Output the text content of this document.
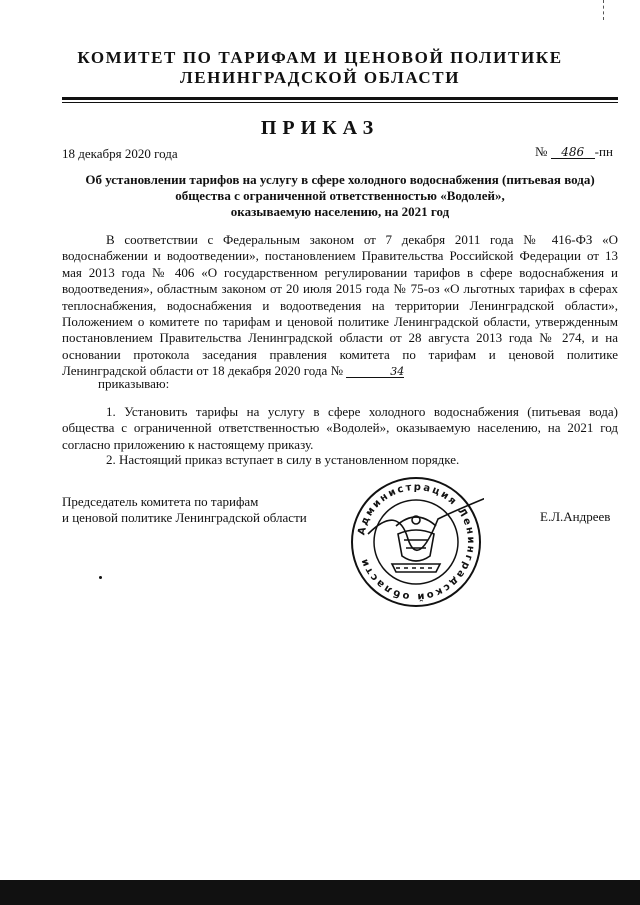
КОМИТЕТ ПО ТАРИФАМ И ЦЕНОВОЙ ПОЛИТИКЕ
ЛЕНИНГРАДСКОЙ ОБЛАСТИ
ПРИКАЗ
18 декабря 2020 года	№ 486 -пн
Об установлении тарифов на услугу в сфере холодного водоснабжения (питьевая вода)
общества с ограниченной ответственностью «Водолей»,
оказываемую населению, на 2021 год
В соответствии с Федеральным законом от 7 декабря 2011 года № 416-ФЗ «О водоснабжении и водоотведении», постановлением Правительства Российской Федерации от 13 мая 2013 года № 406 «О государственном регулировании тарифов в сфере водоснабжения и водоотведения», областным законом от 20 июля 2015 года № 75-оз «О льготных тарифах в сферах теплоснабжения, водоснабжения и водоотведения на территории Ленинградской области», Положением о комитете по тарифам и ценовой политике Ленинградской области, утвержденным постановлением Правительства Ленинградской области от 28 августа 2013 года № 274, и на основании протокола заседания правления комитета по тарифам и ценовой политике Ленинградской области от 18 декабря 2020 года №	34
приказываю:
1. Установить тарифы на услугу в сфере холодного водоснабжения (питьевая вода) общества с ограниченной ответственностью «Водолей», оказываемую населению, на 2021 год согласно приложению к настоящему приказу.
2. Настоящий приказ вступает в силу в установленном порядке.
Председатель комитета по тарифам
и ценовой политике Ленинградской области
Администрация Ленинградской области
Е.Л.Андреев
